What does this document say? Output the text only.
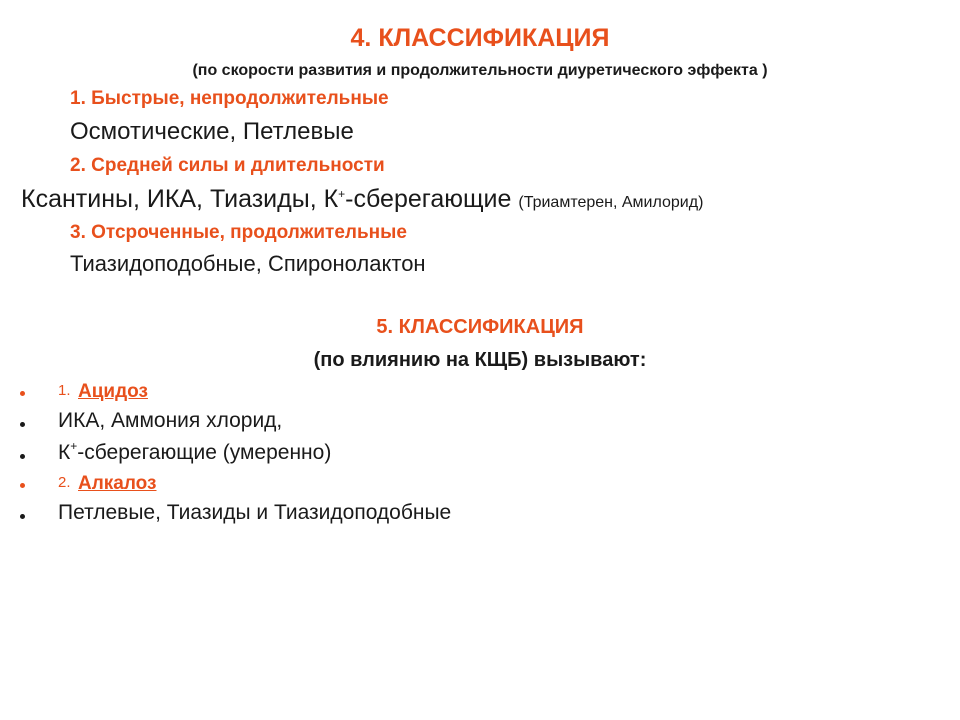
4. КЛАССИФИКАЦИЯ
(по скорости развития и продолжительности диуретического эффекта )
1. Быстрые, непродолжительные
Осмотические, Петлевые
2. Средней силы и длительности
Ксантины, ИКА, Тиазиды, К+-сберегающие (Триамтерен, Амилорид)
3. Отсроченные, продолжительные
Тиазидоподобные, Спиронолактон
5. КЛАССИФИКАЦИЯ
(по влиянию на КЩБ) вызывают:
1. Ацидоз
ИКА, Аммония хлорид,
К+-сберегающие (умеренно)
2. Алкалоз
Петлевые, Тиазиды и Тиазидоподобные
